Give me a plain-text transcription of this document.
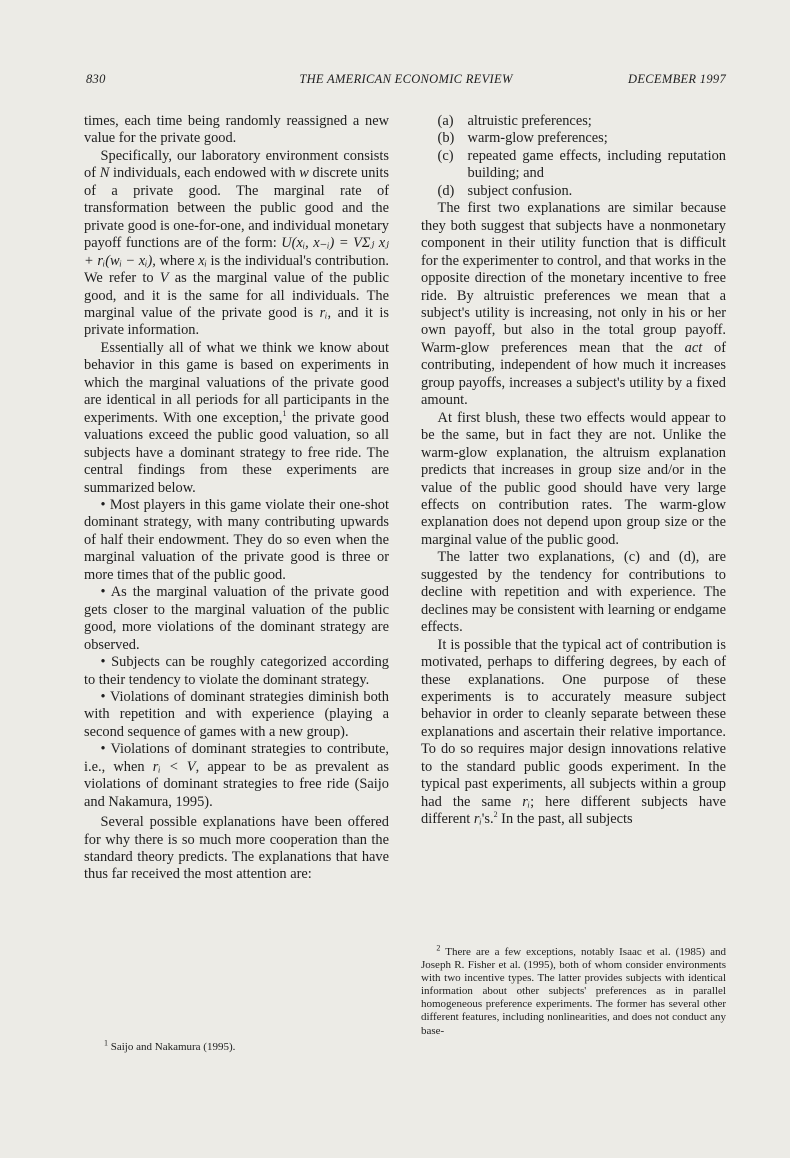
830	THE AMERICAN ECONOMIC REVIEW	DECEMBER 1997

times, each time being randomly reassigned a new value for the private good.

Specifically, our laboratory environment consists of N individuals, each endowed with w discrete units of a private good. The marginal rate of transformation between the public good and the private good is one-for-one, and individual monetary payoff functions are of the form: U(xᵢ, x₋ᵢ) = VΣⱼ xⱼ + rᵢ(wᵢ − xᵢ), where xᵢ is the individual's contribution. We refer to V as the marginal value of the public good, and it is the same for all individuals. The marginal value of the private good is rᵢ, and it is private information.

Essentially all of what we think we know about behavior in this game is based on experiments in which the marginal valuations of the private good are identical in all periods for all participants in the experiments. With one exception,$^1$ the private good valuations exceed the public good valuation, so all subjects have a dominant strategy to free ride. The central findings from these experiments are summarized below.

• Most players in this game violate their one-shot dominant strategy, with many contributing upwards of half their endowment. They do so even when the marginal valuation of the private good is three or more times that of the public good.

• As the marginal valuation of the private good gets closer to the marginal valuation of the public good, more violations of the dominant strategy are observed.

• Subjects can be roughly categorized according to their tendency to violate the dominant strategy.

• Violations of dominant strategies diminish both with repetition and with experience (playing a second sequence of games with a new group).

• Violations of dominant strategies to contribute, i.e., when rᵢ < V, appear to be as prevalent as violations of dominant strategies to free ride (Saijo and Nakamura, 1995).

Several possible explanations have been offered for why there is so much more cooperation than the standard theory predicts. The explanations that have thus far received the most attention are:

(a) altruistic preferences;
(b) warm-glow preferences;
(c) repeated game effects, including reputation building; and
(d) subject confusion.

The first two explanations are similar because they both suggest that subjects have a nonmonetary component in their utility function that is difficult for the experimenter to control, and that works in the opposite direction of the monetary incentive to free ride. By altruistic preferences we mean that a subject's utility is increasing, not only in his or her own payoff, but also in the total group payoff. Warm-glow preferences mean that the act of contributing, independent of how much it increases group payoffs, increases a subject's utility by a fixed amount.

At first blush, these two effects would appear to be the same, but in fact they are not. Unlike the warm-glow explanation, the altruism explanation predicts that increases in group size and/or in the value of the public good should have very large effects on contribution rates. The warm-glow explanation does not depend upon group size or the marginal value of the public good.

The latter two explanations, (c) and (d), are suggested by the tendency for contributions to decline with repetition and with experience. The declines may be consistent with learning or endgame effects.

It is possible that the typical act of contribution is motivated, perhaps to differing degrees, by each of these explanations. One purpose of these experiments is to accurately measure subject behavior in order to cleanly separate between these explanations and ascertain their relative importance. To do so requires major design innovations relative to the standard public goods experiment. In the typical past experiments, all subjects within a group had the same rᵢ; here different subjects have different rᵢ's.$^2$ In the past, all subjects

$^1$ Saijo and Nakamura (1995).
$^2$ There are a few exceptions, notably Isaac et al. (1985) and Joseph R. Fisher et al. (1995), both of whom consider environments with two incentive types. The latter provides subjects with identical information about other subjects' preferences as in parallel homogeneous preference experiments. The former has several other different features, including nonlinearities, and does not conduct any base-
